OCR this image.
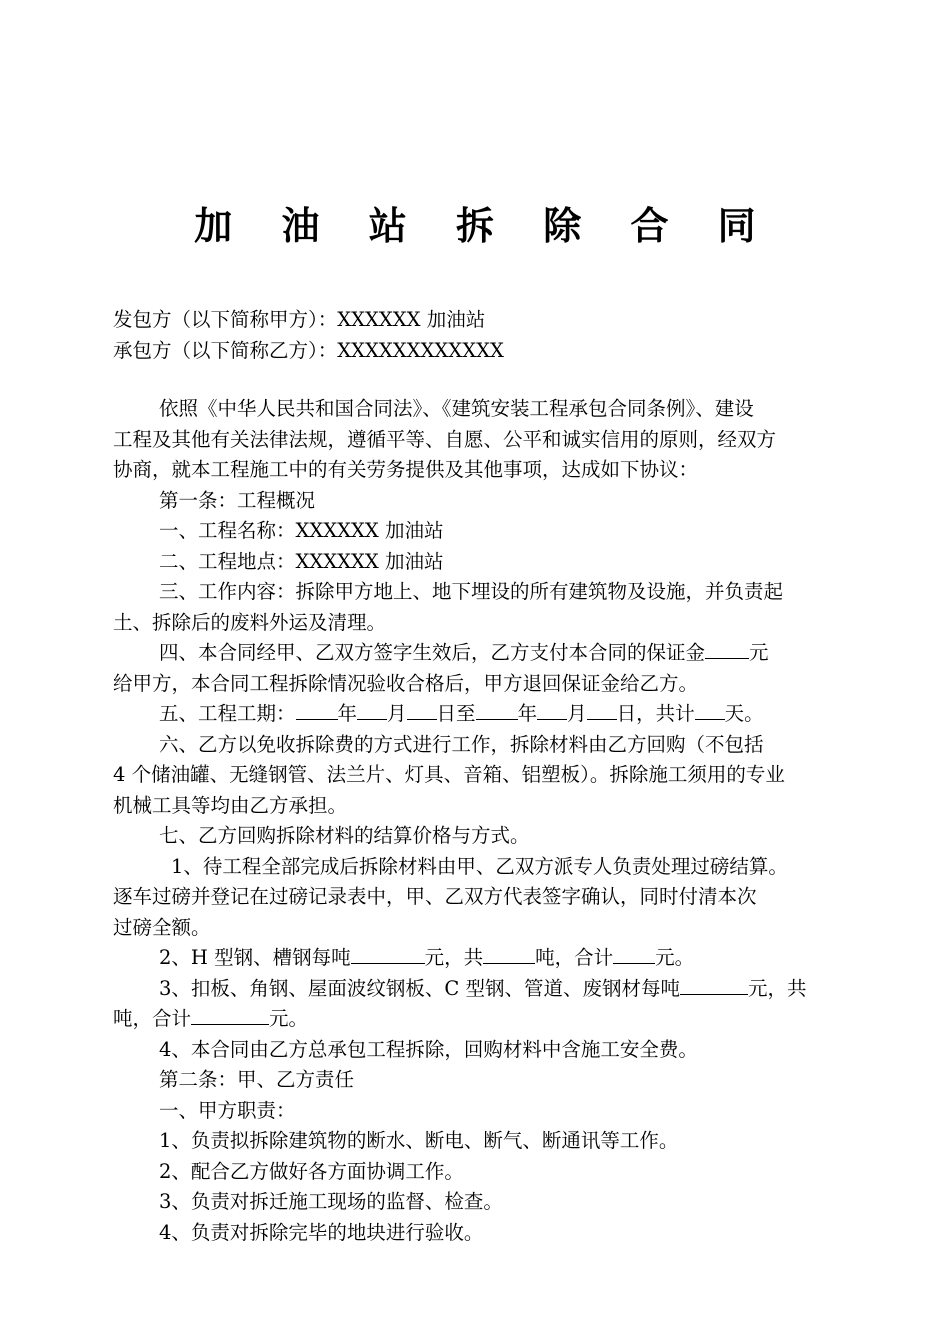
加 油 站 拆 除 合 同

发包方（以下简称甲方）：XXXXXX 加油站

承包方（以下简称乙方）：XXXXXXXXXXXX

依照《中华人民共和国合同法》、《建筑安装工程承包合同条例》、建设

工程及其他有关法律法规，遵循平等、自愿、公平和诚实信用的原则，经双方

协商，就本工程施工中的有关劳务提供及其他事项，达成如下协议：

第一条：工程概况

一、工程名称：XXXXXX 加油站

二、工程地点：XXXXXX 加油站

三、工作内容：拆除甲方地上、地下埋设的所有建筑物及设施，并负责起

土、拆除后的废料外运及清理。

四、本合同经甲、乙双方签字生效后，乙方支付本合同的保证金 元

给甲方，本合同工程拆除情况验收合格后，甲方退回保证金给乙方。

五、工程工期： 年 月 日至 年 月 日，共计 天。

六、乙方以免收拆除费的方式进行工作，拆除材料由乙方回购（不包括

4 个储油罐、无缝钢管、法兰片、灯具、音箱、铝塑板）。拆除施工须用的专业

机械工具等均由乙方承担。

七、乙方回购拆除材料的结算价格与方式。

1、待工程全部完成后拆除材料由甲、乙双方派专人负责处理过磅结算。

逐车过磅并登记在过磅记录表中，甲、乙双方代表签字确认，同时付清本次

过磅全额。

2、H 型钢、槽钢每吨	元，共	吨，合计 元。

3、扣板、角钢、屋面波纹钢板、C 型钢、管道、废钢材每吨	元，共

吨，合计	元。

4、本合同由乙方总承包工程拆除，回购材料中含施工安全费。

第二条：甲、乙方责任

一、甲方职责：

1、负责拟拆除建筑物的断水、断电、断气、断通讯等工作。

2、配合乙方做好各方面协调工作。

3、负责对拆迁施工现场的监督、检查。

4、负责对拆除完毕的地块进行验收。
